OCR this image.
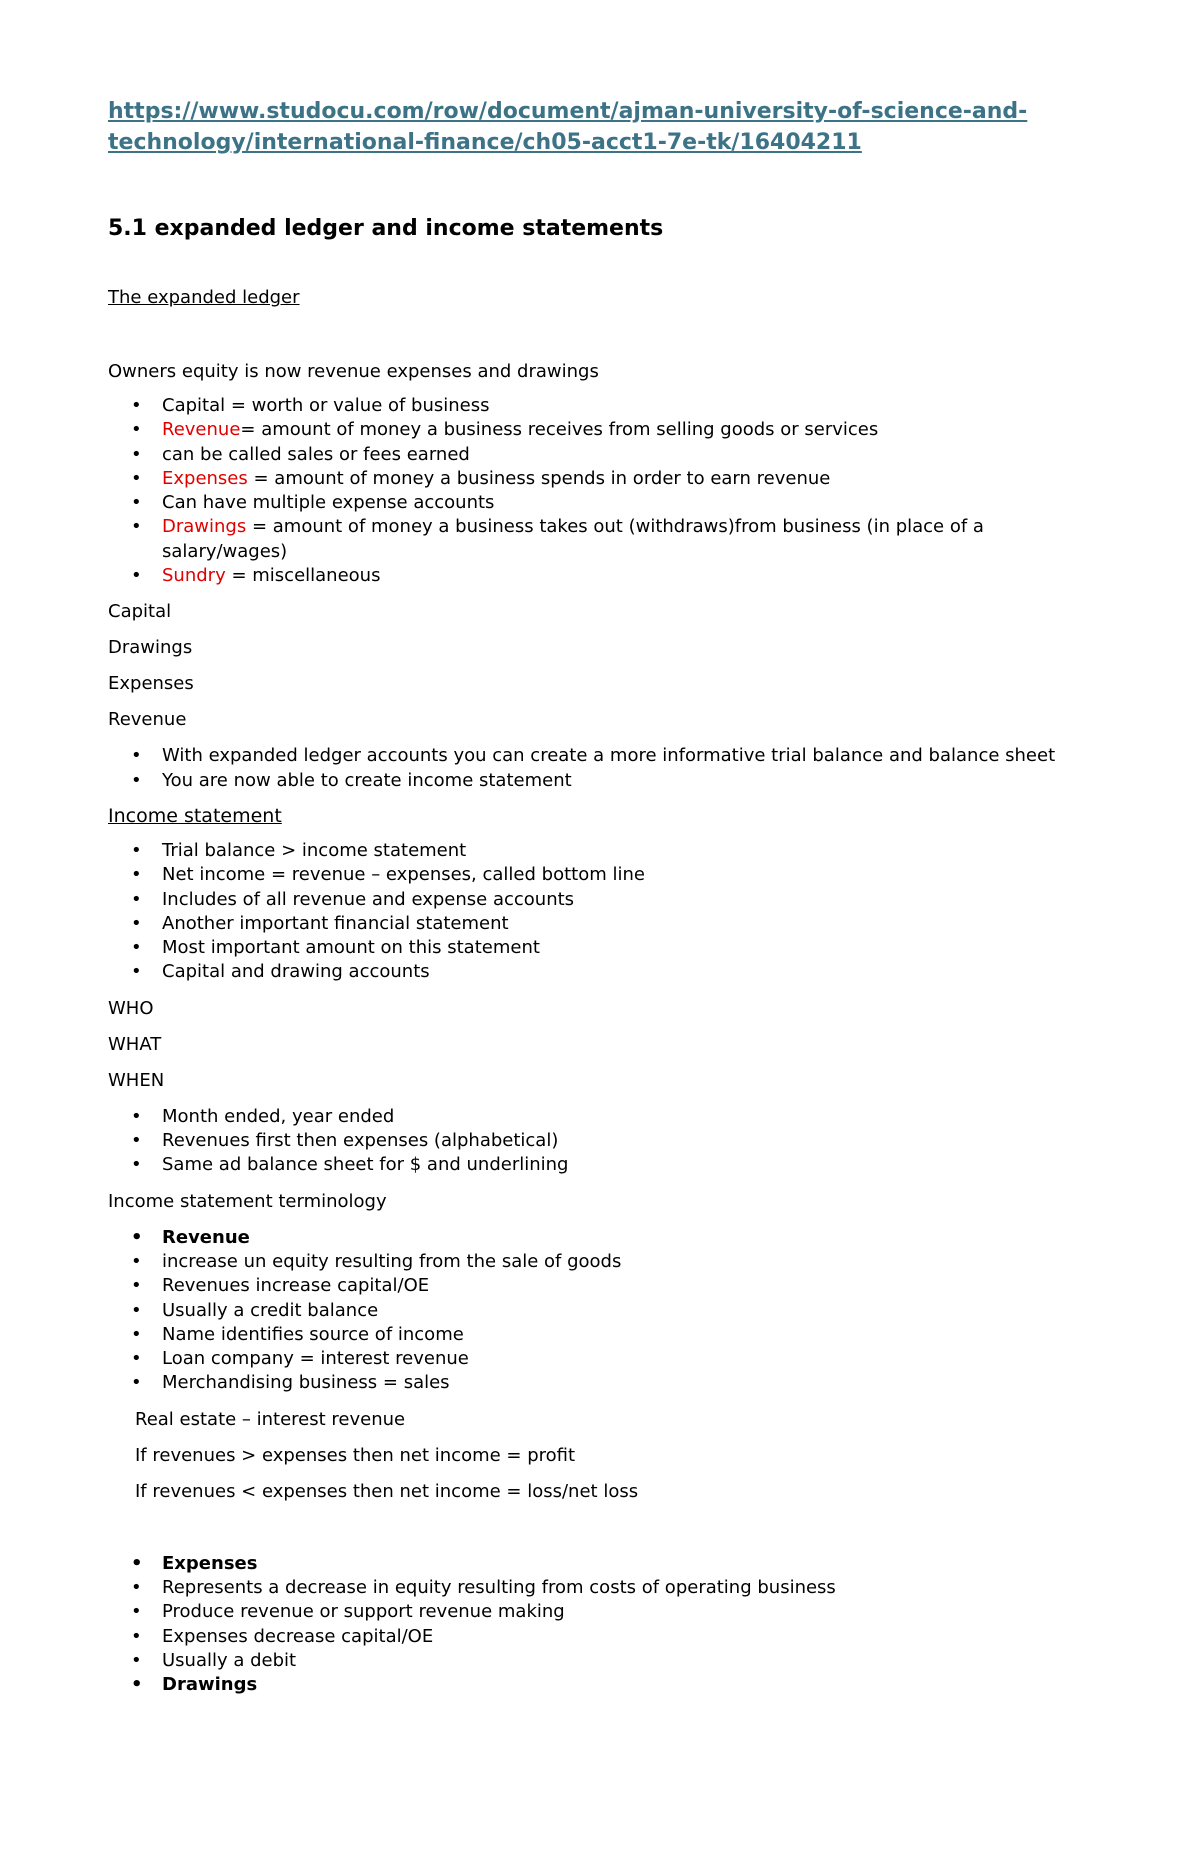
https://www.studocu.com/row/document/ajman-university-of-science-and-technology/international-finance/ch05-acct1-7e-tk/16404211
5.1 expanded ledger and income statements
The expanded ledger

Owners equity is now revenue expenses and drawings

• Capital = worth or value of business
• Revenue= amount of money a business receives from selling goods or services
• can be called sales or fees earned
• Expenses = amount of money a business spends in order to earn revenue
• Can have multiple expense accounts
• Drawings = amount of money a business takes out (withdraws)from business (in place of a salary/wages)
• Sundry = miscellaneous

Capital

Drawings

Expenses

Revenue

• With expanded ledger accounts you can create a more informative trial balance and balance sheet
• You are now able to create income statement
Income statement
• Trial balance > income statement
• Net income = revenue – expenses, called bottom line
• Includes of all revenue and expense accounts
• Another important financial statement
• Most important amount on this statement
• Capital and drawing accounts

WHO

WHAT

WHEN

• Month ended, year ended
• Revenues first then expenses (alphabetical)
• Same ad balance sheet for $ and underlining

Income statement terminology

• Revenue
• increase un equity resulting from the sale of goods
• Revenues increase capital/OE
• Usually a credit balance
• Name identifies source of income
• Loan company = interest revenue
• Merchandising business = sales

Real estate – interest revenue

If revenues > expenses then net income = profit

If revenues < expenses then net income = loss/net loss

• Expenses
• Represents a decrease in equity resulting from costs of operating business
• Produce revenue or support revenue making
• Expenses decrease capital/OE
• Usually a debit
• Drawings
